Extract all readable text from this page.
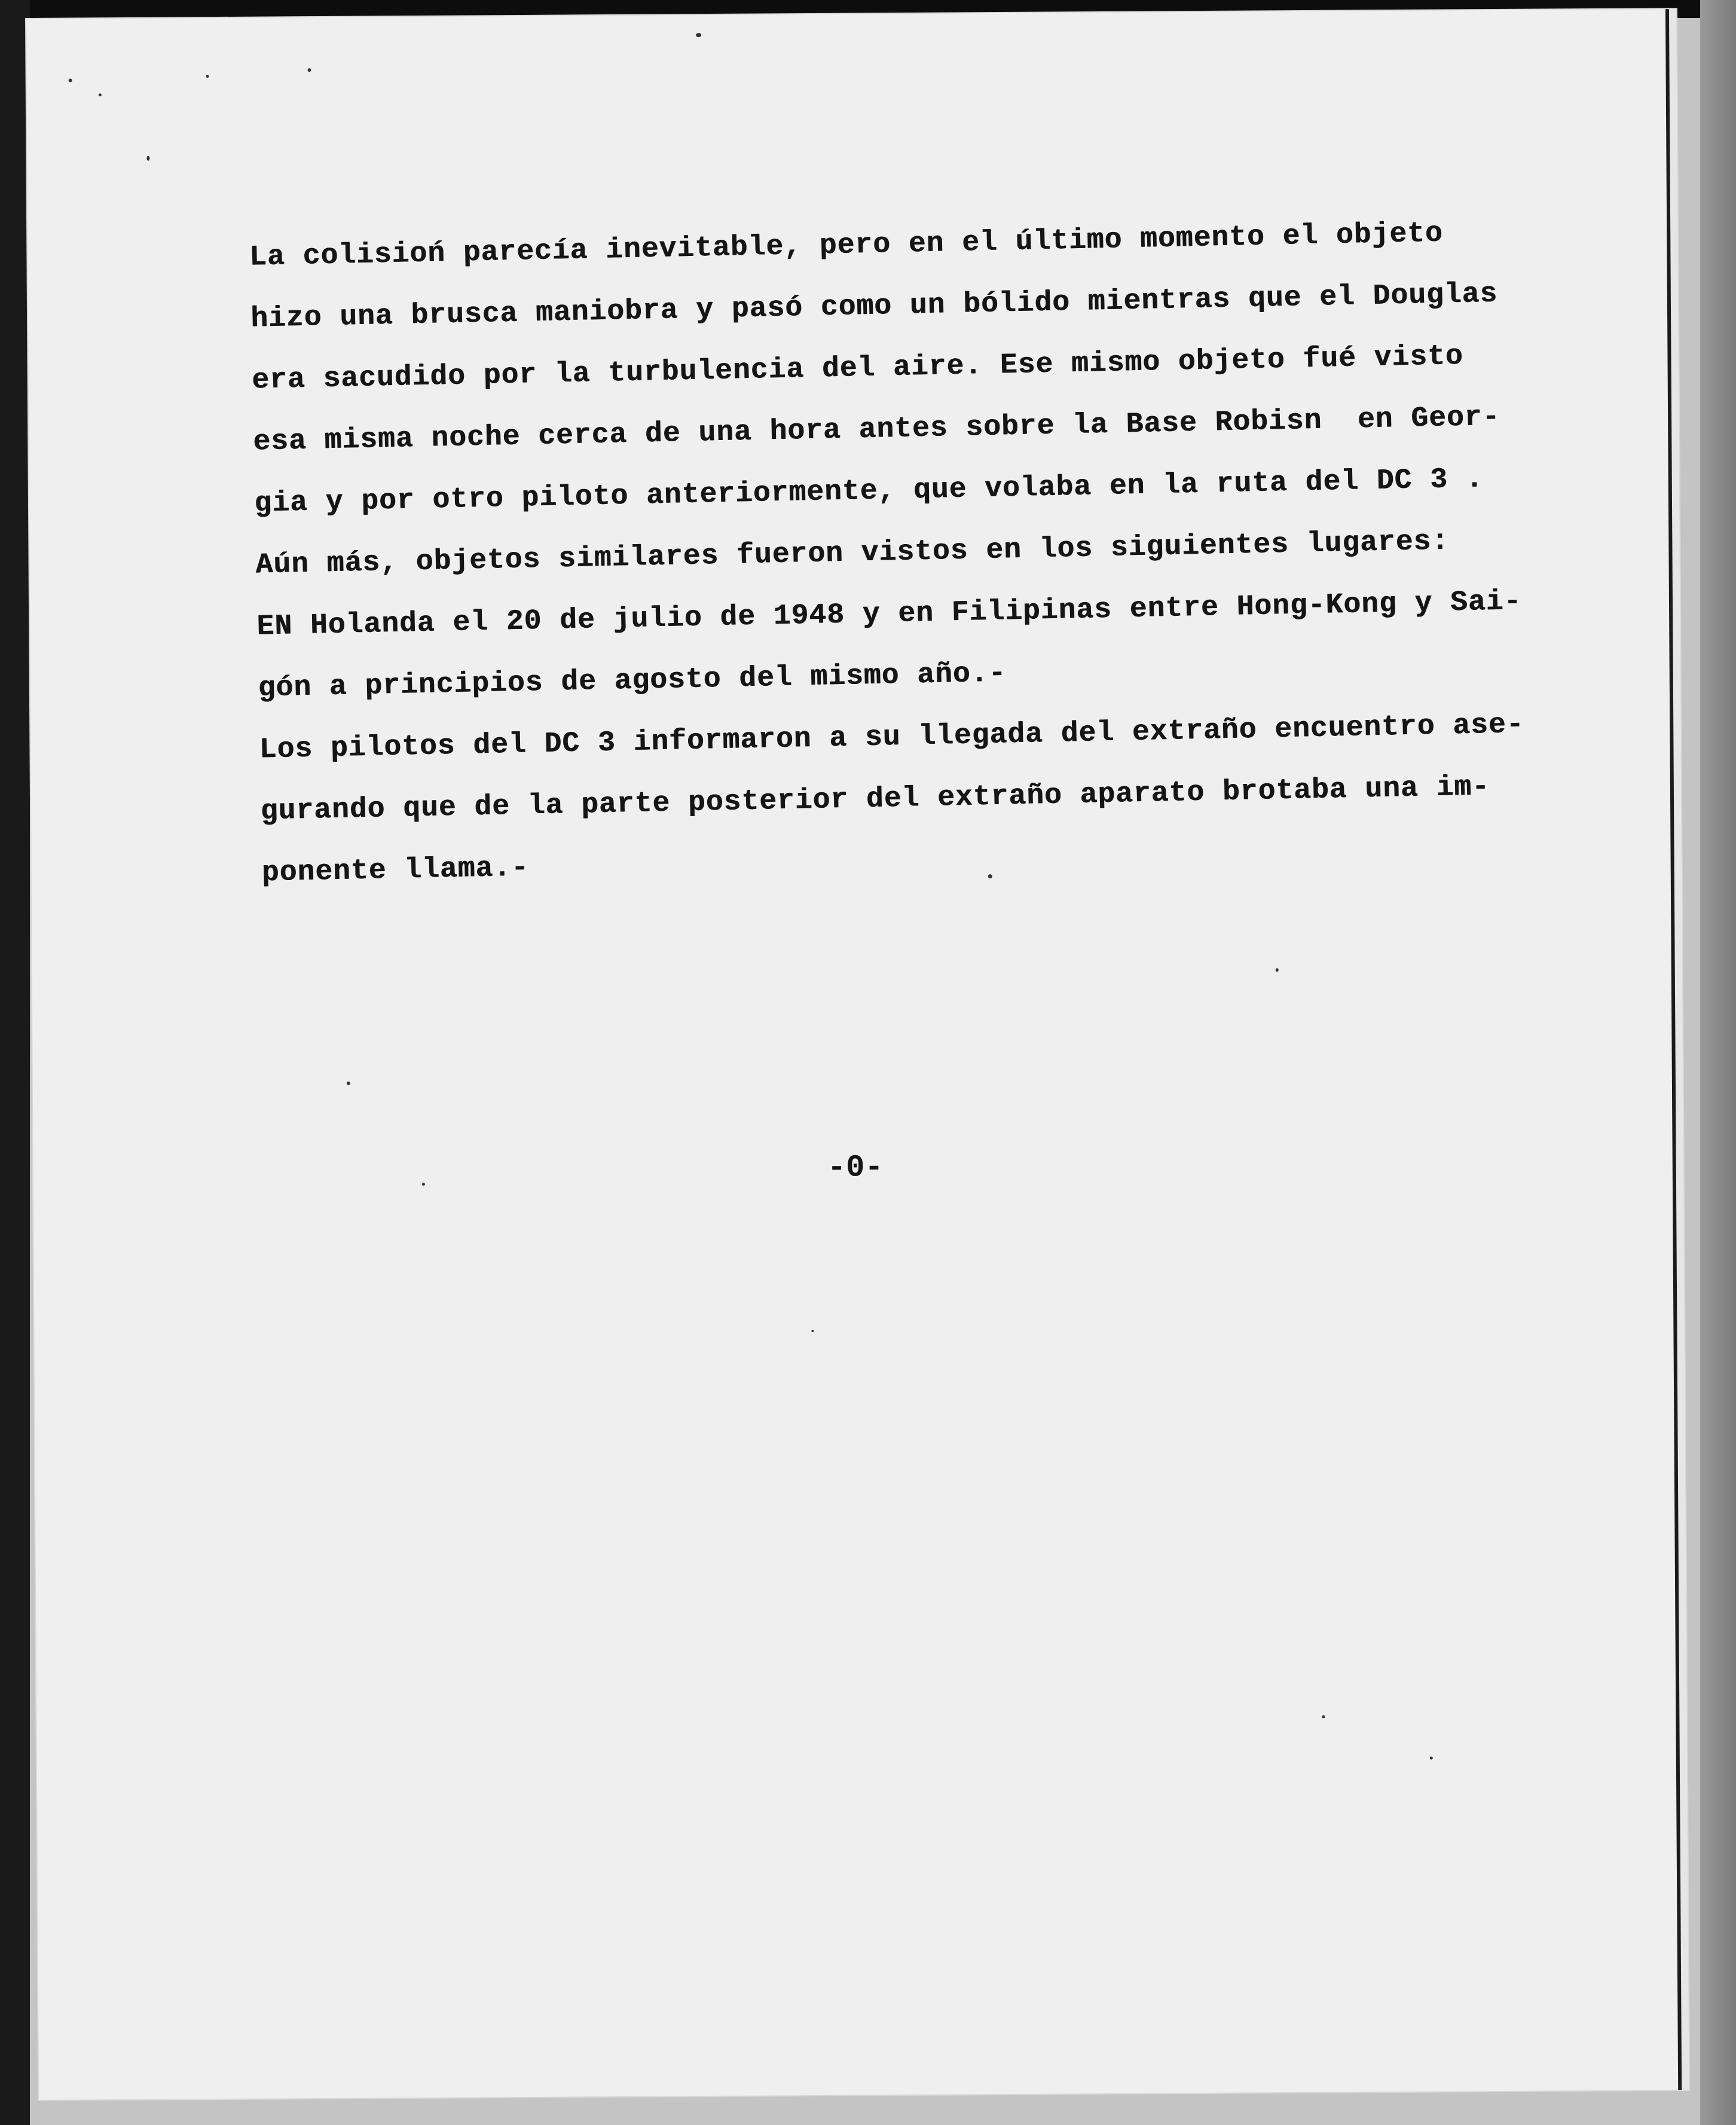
La colisioń parecía inevitable, pero en el último momento el objeto
hizo una brusca maniobra y pasó como un bólido mientras que el Douglas
era sacudido por la turbulencia del aire. Ese mismo objeto fué visto
esa misma noche cerca de una hora antes sobre la Base Robisn  en Geor-
gia y por otro piloto anteriormente, que volaba en la ruta del DC 3 .
Aún más, objetos similares fueron vistos en los siguientes lugares:
EN Holanda el 20 de julio de 1948 y en Filipinas entre Hong-Kong y Sai-
gón a principios de agosto del mismo año.-
Los pilotos del DC 3 informaron a su llegada del extraño encuentro ase-
gurando que de la parte posterior del extraño aparato brotaba una im-
ponente llama.-
-0-
